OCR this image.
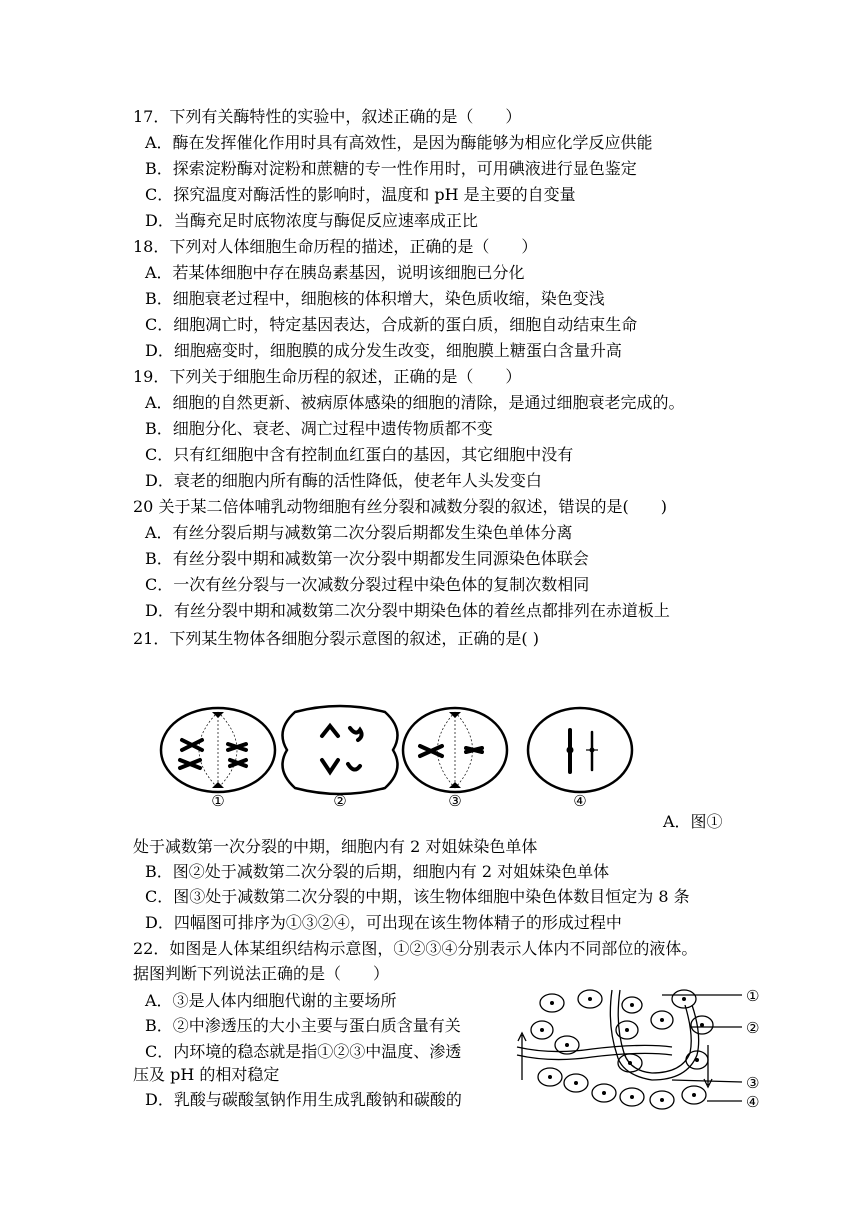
17．下列有关酶特性的实验中，叙述正确的是（　　）
A．酶在发挥催化作用时具有高效性，是因为酶能够为相应化学反应供能
B．探索淀粉酶对淀粉和蔗糖的专一性作用时，可用碘液进行显色鉴定
C．探究温度对酶活性的影响时，温度和 pH 是主要的自变量
D．当酶充足时底物浓度与酶促反应速率成正比
18．下列对人体细胞生命历程的描述，正确的是（　　）
A．若某体细胞中存在胰岛素基因，说明该细胞已分化
B．细胞衰老过程中，细胞核的体积增大，染色质收缩，染色变浅
C．细胞凋亡时，特定基因表达，合成新的蛋白质，细胞自动结束生命
D．细胞癌变时，细胞膜的成分发生改变，细胞膜上糖蛋白含量升高
19．下列关于细胞生命历程的叙述，正确的是（　　）
A．细胞的自然更新、被病原体感染的细胞的清除，是通过细胞衰老完成的。
B．细胞分化、衰老、凋亡过程中遗传物质都不变
C．只有红细胞中含有控制血红蛋白的基因，其它细胞中没有
D．衰老的细胞内所有酶的活性降低，使老年人头发变白
20 关于某二倍体哺乳动物细胞有丝分裂和减数分裂的叙述，错误的是(　　)
A．有丝分裂后期与减数第二次分裂后期都发生染色单体分离
B．有丝分裂中期和减数第一次分裂中期都发生同源染色体联会
C．一次有丝分裂与一次减数分裂过程中染色体的复制次数相同
D．有丝分裂中期和减数第二次分裂中期染色体的着丝点都排列在赤道板上
21．下列某生物体各细胞分裂示意图的叙述，正确的是( )
①	②	③	④
A．图①
处于减数第一次分裂的中期，细胞内有 2 对姐妹染色单体
B．图②处于减数第二次分裂的后期，细胞内有 2 对姐妹染色单体
C．图③处于减数第二次分裂的中期，该生物体细胞中染色体数目恒定为 8 条
D．四幅图可排序为①③②④，可出现在该生物体精子的形成过程中
22．如图是人体某组织结构示意图，①②③④分别表示人体内不同部位的液体。
据图判断下列说法正确的是（　　）
A．③是人体内细胞代谢的主要场所
B．②中渗透压的大小主要与蛋白质含量有关
C．内环境的稳态就是指①②③中温度、渗透
压及 pH 的相对稳定
D．乳酸与碳酸氢钠作用生成乳酸钠和碳酸的
①
②
③
④
